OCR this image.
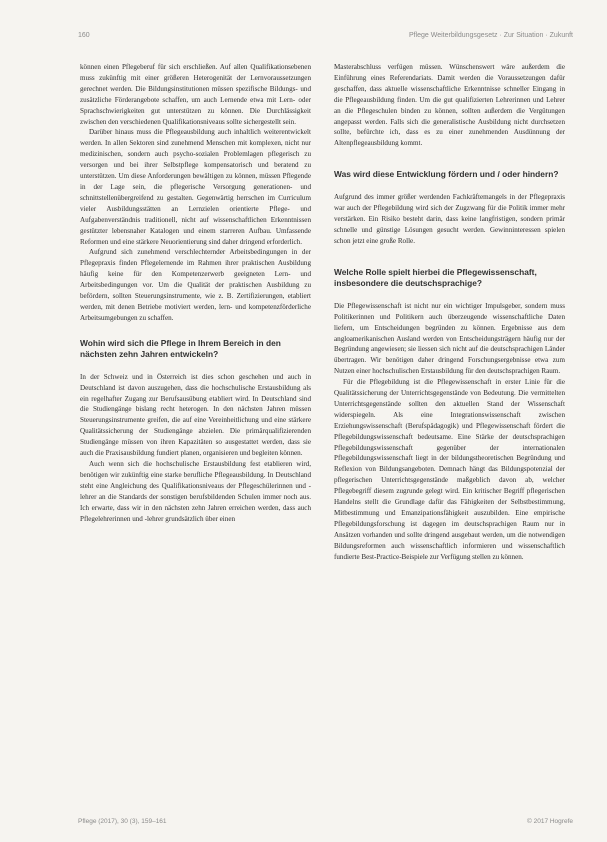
160	Pflege Weiterbildungsgesetz · Zur Situation · Zukunft

können einen Pflegeberuf für sich erschließen. Auf allen Qualifikationsebenen muss zukünftig mit einer größeren Heterogenität der Lernvoraussetzungen gerechnet werden. Die Bildungsinstitutionen müssen spezifische Bildungs- und zusätzliche Förderangebote schaffen, um auch Lernende etwa mit Lern- oder Sprachschwierigkeiten gut unterstützen zu können. Die Durchlässigkeit zwischen den verschiedenen Qualifikationsniveaus sollte sichergestellt sein.

Darüber hinaus muss die Pflegeausbildung auch inhaltlich weiterentwickelt werden. In allen Sektoren sind zunehmend Menschen mit komplexen, nicht nur medizinischen, sondern auch psycho-sozialen Problemlagen pflegerisch zu versorgen und bei ihrer Selbstpflege kompensatorisch und beratend zu unterstützen. Um diese Anforderungen bewältigen zu können, müssen Pflegende in der Lage sein, die pflegerische Versorgung generationen- und schnittstellenübergreifend zu gestalten. Gegenwärtig herrschen im Curriculum vieler Ausbildungsstätten an Lernzielen orientierte Pflege- und Aufgabenverständnis traditionell, nicht auf wissenschaftlichen Erkenntnissen gestützter lebensnaher Katalogen und einem starreren Aufbau. Umfassende Reformen und eine stärkere Neuorientierung sind daher dringend erforderlich.

Aufgrund sich zunehmend verschlechternder Arbeitsbedingungen in der Pflegepraxis finden Pflegelernende im Rahmen ihrer praktischen Ausbildung häufig keine für den Kompetenzerwerb geeigneten Lern- und Arbeitsbedingungen vor. Um die Qualität der praktischen Ausbildung zu befördern, sollten Steuerungsinstrumente, wie z. B. Zertifizierungen, etabliert werden, mit denen Betriebe motiviert werden, lern- und kompetenzförderliche Arbeitsumgebungen zu schaffen.

Wohin wird sich die Pflege in Ihrem Bereich in den nächsten zehn Jahren entwickeln?

In der Schweiz und in Österreich ist dies schon geschehen und auch in Deutschland ist davon auszugehen, dass die hochschulische Erstausbildung als ein regelhafter Zugang zur Berufsausübung etabliert wird. In Deutschland sind die Studiengänge bislang recht heterogen. In den nächsten Jahren müssen Steuerungsinstrumente greifen, die auf eine Vereinheitlichung und eine stärkere Qualitätssicherung der Studiengänge abzielen. Die primärqualifizierenden Studiengänge müssen von ihren Kapazitäten so ausgestattet werden, dass sie auch die Praxisausbildung fundiert planen, organisieren und begleiten können.

Auch wenn sich die hochschulische Erstausbildung fest etablieren wird, benötigen wir zukünftig eine starke berufliche Pflegeausbildung. In Deutschland steht eine Angleichung des Qualifikationsniveaus der Pflegeschülerinnen und -lehrer an die Standards der sonstigen berufsbildenden Schulen immer noch aus. Ich erwarte, dass wir in den nächsten zehn Jahren erreichen werden, dass auch Pflegelehrerinnen und -lehrer grundsätzlich über einen

Masterabschluss verfügen müssen. Wünschenswert wäre außerdem die Einführung eines Referendariats. Damit werden die Voraussetzungen dafür geschaffen, dass aktuelle wissenschaftliche Erkenntnisse schneller Eingang in die Pflegeausbildung finden. Um die gut qualifizierten Lehrerinnen und Lehrer an die Pflegeschulen binden zu können, sollten außerdem die Vergütungen angepasst werden. Falls sich die generalistische Ausbildung nicht durchsetzen sollte, befürchte ich, dass es zu einer zunehmenden Ausdünnung der Altenpflegeausbildung kommt.

Was wird diese Entwicklung fördern und / oder hindern?

Aufgrund des immer größer werdenden Fachkräftemangels in der Pflegepraxis war auch der Pflegebildung wird sich der Zugzwang für die Politik immer mehr verstärken. Ein Risiko besteht darin, dass keine langfristigen, sondern primär schnelle und günstige Lösungen gesucht werden. Gewinninteressen spielen schon jetzt eine große Rolle.

Welche Rolle spielt hierbei die Pflegewissenschaft, insbesondere die deutschsprachige?

Die Pflegewissenschaft ist nicht nur ein wichtiger Impulsgeber, sondern muss Politikerinnen und Politikern auch überzeugende wissenschaftliche Daten liefern, um Entscheidungen begründen zu können. Ergebnisse aus dem angloamerikanischen Ausland werden von Entscheidungsträgern häufig nur der Begründung angewiesen; sie liessen sich nicht auf die deutschsprachigen Länder übertragen. Wir benötigen daher dringend Forschungsergebnisse etwa zum Nutzen einer hochschulischen Erstausbildung für den deutschsprachigen Raum.

Für die Pflegebildung ist die Pflegewissenschaft in erster Linie für die Qualitätssicherung der Unterrichtsgegenstände von Bedeutung. Die vermittelten Unterrichtsgegenstände sollten den aktuellen Stand der Wissenschaft widerspiegeln. Als eine Integrationswissenschaft zwischen Erziehungswissenschaft (Berufspädagogik) und Pflegewissenschaft fördert die Pflegebildungswissenschaft bedeutsame. Eine Stärke der deutschsprachigen Pflegebildungswissenschaft gegenüber der internationalen Pflegebildungswissenschaft liegt in der bildungstheoretischen Begründung und Reflexion von Bildungsangeboten. Demnach hängt das Bildungspotenzial der pflegerischen Unterrichtsgegenstände maßgeblich davon ab, welcher Pflegebegriff diesem zugrunde gelegt wird. Ein kritischer Begriff pflegerischen Handelns stellt die Grundlage dafür das Fähigkeiten der Selbstbestimmung, Mitbestimmung und Emanzipationsfähigkeit auszubilden. Eine empirische Pflegebildungsforschung ist dagegen im deutschsprachigen Raum nur in Ansätzen vorhanden und sollte dringend ausgebaut werden, um die notwendigen Bildungsreformen auch wissenschaftlich informieren und wissenschaftlich fundierte Best-Practice-Beispiele zur Verfügung stellen zu können.

Pflege (2017), 30 (3), 159–161	© 2017 Hogrefe
